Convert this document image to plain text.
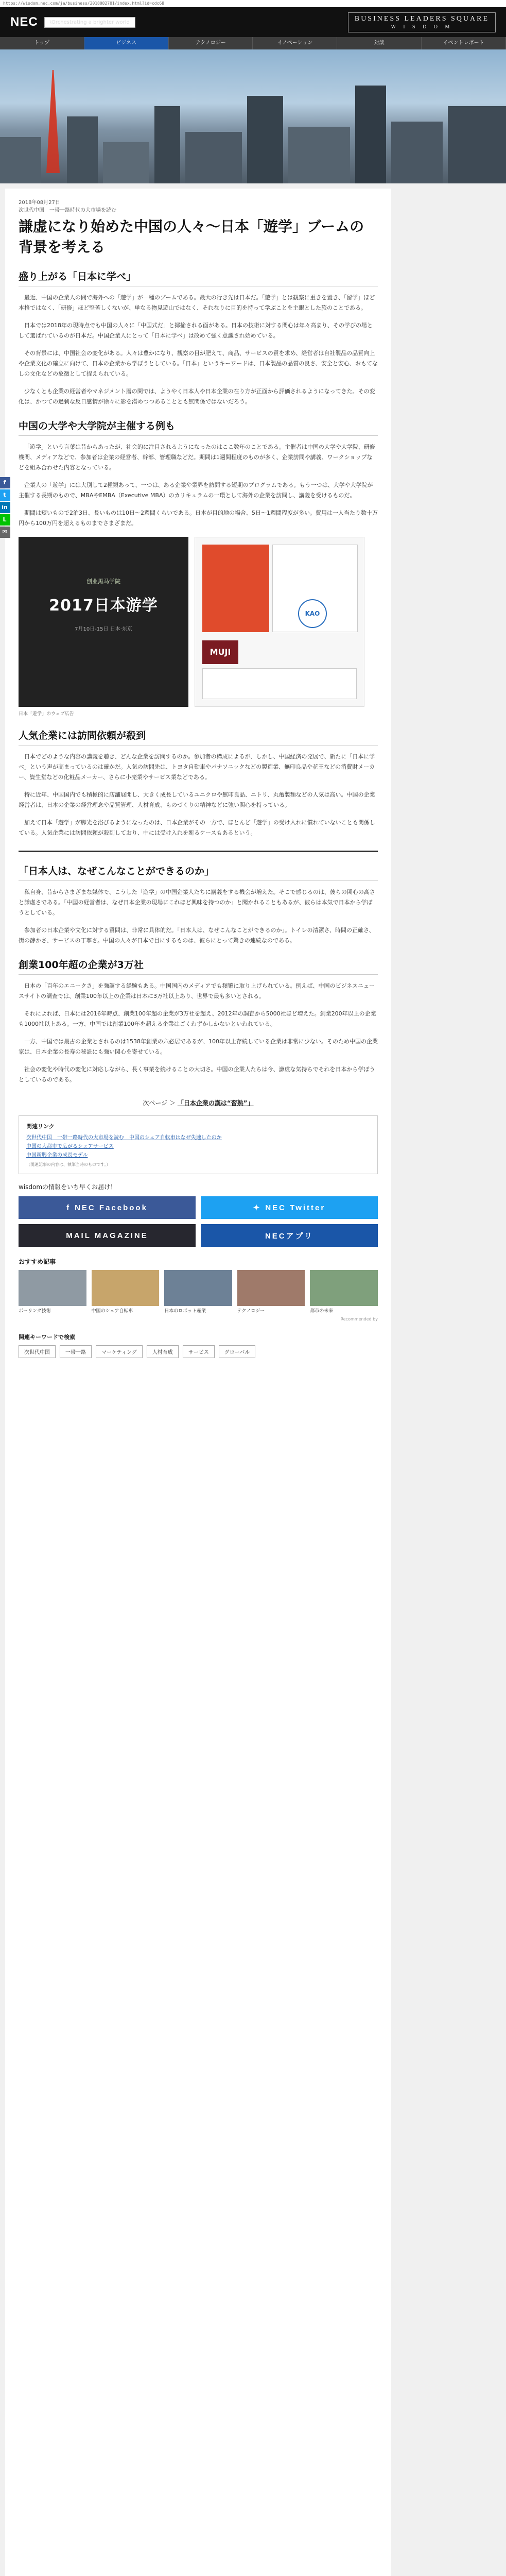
https://wisdom.nec.com/ja/business/2018082701/index.html?id=cdc68
NEC	\Orchestrating a brighter world	BUSINESS LEADERS SQUARE
W I S D O M
トップ	ビジネス	テクノロジー	イノベーション	対談	イベントレポート
f
t
in
L
✉
2018年08月27日
次世代中国　一帯一路時代の大市場を読む
謙虚になり始めた中国の人々～日本「遊学」ブームの背景を考える
盛り上がる「日本に学べ」

最近、中国の企業人の間で海外への「遊学」が一種のブームである。最大の行き先は日本だ。「遊学」とは観察に重きを置き、「留学」ほど本格ではなく、「研修」ほど堅苦しくないが、単なる物見遊山ではなく、それなりに目的を持って学ぶことを主眼とした旅のことである。

日本では2018年の現時点でも中国の人々に「中国式だ」と揶揄される面がある。日本の技術に対する関心は年々高まり、その学びの場として選ばれているのが日本だ。中国企業人にとって「日本に学べ」は改めて強く意識され始めている。

その背景には、中国社会の変化がある。人々は豊かになり、観察の目が肥えて、商品、サービスの質を求め、経営者は自社製品の品質向上や企業文化の確立に向けて、日本の企業から学ぼうとしている。「日本」というキーワードは、日本製品の品質の良さ、安全と安心、おもてなしの文化などの象徴として捉えられている。

少なくとも企業の経営者やマネジメント層の間では、ようやく日本人や日本企業の在り方が正面から評価されるようになってきた。その変化は、かつての過剰な反日感情が徐々に影を潜めつつあることとも無関係ではないだろう。

中国の大学や大学院が主催する例も

「遊学」という言葉は昔からあったが、社会的に注目されるようになったのはここ数年のことである。主催者は中国の大学や大学院、研修機関、メディアなどで、参加者は企業の経営者、幹部、管理職などだ。期間は1週間程度のものが多く、企業訪問や講義、ワークショップなどを組み合わせた内容となっている。

企業人の「遊学」には大別して2種類あって、一つは、ある企業や業界を訪問する短期のプログラムである。もう一つは、大学や大学院が主催する長期のもので、MBAやEMBA（Executive MBA）のカリキュラムの一環として海外の企業を訪問し、講義を受けるものだ。

期間は短いもので2泊3日、長いものは10日～2週間くらいである。日本が目的地の場合、5日～1週間程度が多い。費用は一人当たり数十万円から100万円を超えるものまでさまざまだ。

创业黑马学院
2017日本游学
7月10日-15日 日本·东京
KAO
MUJI
日本「遊学」のウェブ広告
人気企業には訪問依頼が殺到

日本でどのような内容の講義を聴き、どんな企業を訪問するのか。参加者の構成によるが、しかし、中国経済の発展で、新たに「日本に学べ」という声が高まっているのは確かだ。人気の訪問先は、トヨタ自動車やパナソニックなどの製造業、無印良品や花王などの消費財メーカー、資生堂などの化粧品メーカー、さらに小売業やサービス業などである。

特に近年、中国国内でも積極的に店舗展開し、大きく成長しているユニクロや無印良品、ニトリ、丸亀製麺などの人気は高い。中国の企業経営者は、日本の企業の経営理念や品質管理、人材育成、ものづくりの精神などに強い関心を持っている。

加えて日本「遊学」が脚光を浴びるようになったのは、日本企業がその一方で、ほとんど「遊学」の受け入れに慣れていないことも関係している。人気企業には訪問依頼が殺到しており、中には受け入れを断るケースもあるという。

「日本人は、なぜこんなことができるのか」

私自身、昔からさまざまな媒体で、こうした「遊学」の中国企業人たちに講義をする機会が増えた。そこで感じるのは、彼らの関心の高さと謙虚さである。「中国の経営者は、なぜ日本企業の現場にこれほど興味を持つのか」と聞かれることもあるが、彼らは本気で日本から学ぼうとしている。

参加者の日本企業や文化に対する質問は、非常に具体的だ。「日本人は、なぜこんなことができるのか」。トイレの清潔さ、時間の正確さ、街の静かさ、サービスの丁寧さ。中国の人々が日本で目にするものは、彼らにとって驚きの連続なのである。

創業100年超の企業が3万社

日本の「百年のエニークさ」を強調する経験もある。中国国内のメディアでも頻繁に取り上げられている。例えば、中国のビジネスニュースサイトの調査では、創業100年以上の企業は日本に3万社以上あり、世界で最も多いとされる。

それによれば、日本には2016年時点、創業100年超の企業が3万社を超え、2012年の調査から5000社ほど増えた。創業200年以上の企業も1000社以上ある。一方、中国では創業100年を超える企業はごくわずかしかないといわれている。

一方、中国では最古の企業とされるのは1538年創業の六必居であるが、100年以上存続している企業は非常に少ない。そのため中国の企業家は、日本企業の長寿の秘訣にも強い関心を寄せている。

社会の変化や時代の変化に対応しながら、長く事業を続けることの大切さ。中国の企業人たちは今、謙虚な気持ちでそれを日本から学ぼうとしているのである。

次ページ ＞ 「日本企業の漢は“習熟”」
関連リンク
次世代中国　一帯一路時代の大市場を読む　中国のシェア自転車はなぜ失速したのか
中国の大都市で広がるシェアサービス
中国新興企業の成長モデル
（関連記事の内容は、執筆当時のものです。）
wisdomの情報をいち早くお届け！
f NEC Facebook	✦ NEC Twitter
MAIL MAGAZINE	NECアプリ
おすすめ記事
ボーリング技術	中国のシェア自転車	日本のロボット産業	テクノロジー	都市の未来
Recommended by
関連キーワードで検索
次世代中国	一帯一路	マーケティング	人材育成	サービス	グローバル
